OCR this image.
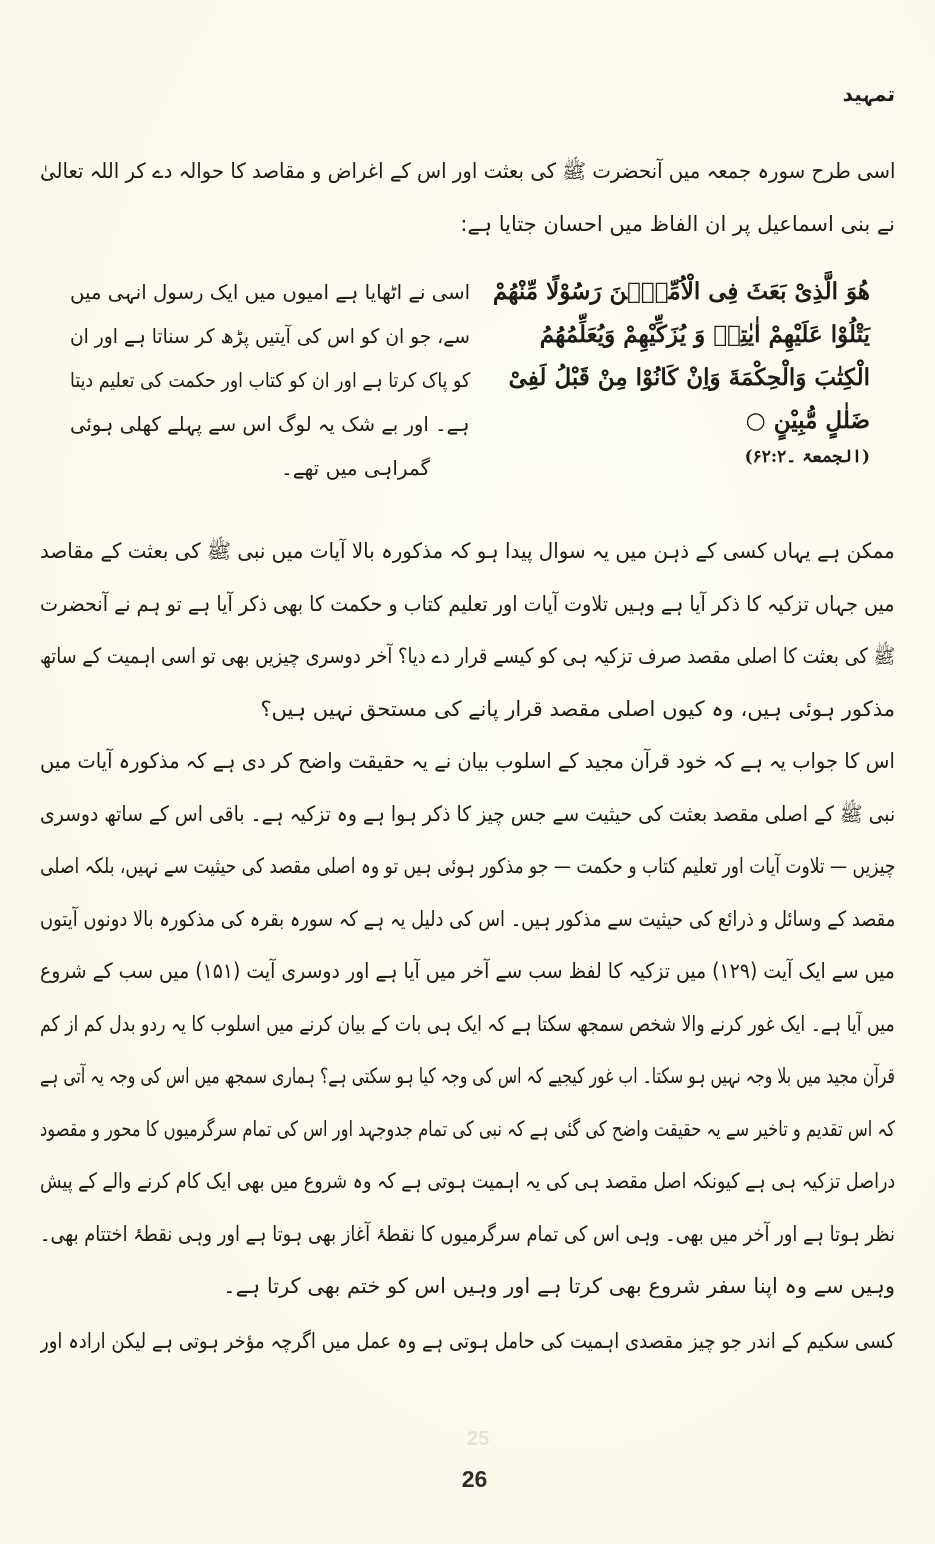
تمہید
اسی طرح سورہ جمعہ میں آنحضرت ﷺ کی بعثت اور اس کے اغراض و مقاصد کا حوالہ دے کر اللہ تعالیٰ
نے بنی اسماعیل پر ان الفاظ میں احسان جتایا ہے:
هُوَ الَّذِیْ بَعَثَ فِی الْاُمِّیّٖنَ رَسُوْلًا مِّنْهُمْ
يَتْلُوْا عَلَيْهِمْ اٰيٰتِهٖ وَ يُزَكِّيْهِمْ وَيُعَلِّمُهُمُ
الْكِتٰبَ وَالْحِكْمَةَ وَاِنْ كَانُوْا مِنْ قَبْلُ لَفِیْ
ضَلٰلٍ مُّبِيْنٍ ○
(الجمعۃ ۔۶۲:۲)
اسی نے اٹھایا ہے امیوں میں ایک رسول انہی میں
سے، جو ان کو اس کی آیتیں پڑھ کر سناتا ہے اور ان
کو پاک کرتا ہے اور ان کو کتاب اور حکمت کی تعلیم دیتا
ہے۔ اور بے شک یہ لوگ اس سے پہلے کھلی ہوئی
گمراہی میں تھے۔
ممکن ہے یہاں کسی کے ذہن میں یہ سوال پیدا ہو کہ مذکورہ بالا آیات میں نبی ﷺ کی بعثت کے مقاصد
میں جہاں تزکیہ کا ذکر آیا ہے وہیں تلاوت آیات اور تعلیم کتاب و حکمت کا بھی ذکر آیا ہے تو ہم نے آنحضرت
ﷺ کی بعثت کا اصلی مقصد صرف تزکیہ ہی کو کیسے قرار دے دیا؟ آخر دوسری چیزیں بھی تو اسی اہمیت کے ساتھ
مذکور ہوئی ہیں، وہ کیوں اصلی مقصد قرار پانے کی مستحق نہیں ہیں؟
اس کا جواب یہ ہے کہ خود قرآن مجید کے اسلوب بیان نے یہ حقیقت واضح کر دی ہے کہ مذکورہ آیات میں
نبی ﷺ کے اصلی مقصد بعثت کی حیثیت سے جس چیز کا ذکر ہوا ہے وہ تزکیہ ہے۔ باقی اس کے ساتھ دوسری
چیزیں — تلاوت آیات اور تعلیم کتاب و حکمت — جو مذکور ہوئی ہیں تو وہ اصلی مقصد کی حیثیت سے نہیں، بلکہ اصلی
مقصد کے وسائل و ذرائع کی حیثیت سے مذکور ہیں۔ اس کی دلیل یہ ہے کہ سورہ بقرہ کی مذکورہ بالا دونوں آیتوں
میں سے ایک آیت (۱۲۹) میں تزکیہ کا لفظ سب سے آخر میں آیا ہے اور دوسری آیت (۱۵۱) میں سب کے شروع
میں آیا ہے۔ ایک غور کرنے والا شخص سمجھ سکتا ہے کہ ایک ہی بات کے بیان کرنے میں اسلوب کا یہ ردو بدل کم از کم
قرآن مجید میں بلا وجہ نہیں ہو سکتا۔ اب غور کیجیے کہ اس کی وجہ کیا ہو سکتی ہے؟ ہماری سمجھ میں اس کی وجہ یہ آتی ہے
کہ اس تقدیم و تاخیر سے یہ حقیقت واضح کی گئی ہے کہ نبی کی تمام جدوجہد اور اس کی تمام سرگرمیوں کا محور و مقصود
دراصل تزکیہ ہی ہے کیونکہ اصل مقصد ہی کی یہ اہمیت ہوتی ہے کہ وہ شروع میں بھی ایک کام کرنے والے کے پیش
نظر ہوتا ہے اور آخر میں بھی۔ وہی اس کی تمام سرگرمیوں کا نقطۂ آغاز بھی ہوتا ہے اور وہی نقطۂ اختتام بھی۔
وہیں سے وہ اپنا سفر شروع بھی کرتا ہے اور وہیں اس کو ختم بھی کرتا ہے۔
کسی سکیم کے اندر جو چیز مقصدی اہمیت کی حامل ہوتی ہے وہ عمل میں اگرچہ مؤخر ہوتی ہے لیکن ارادہ اور
25
26
